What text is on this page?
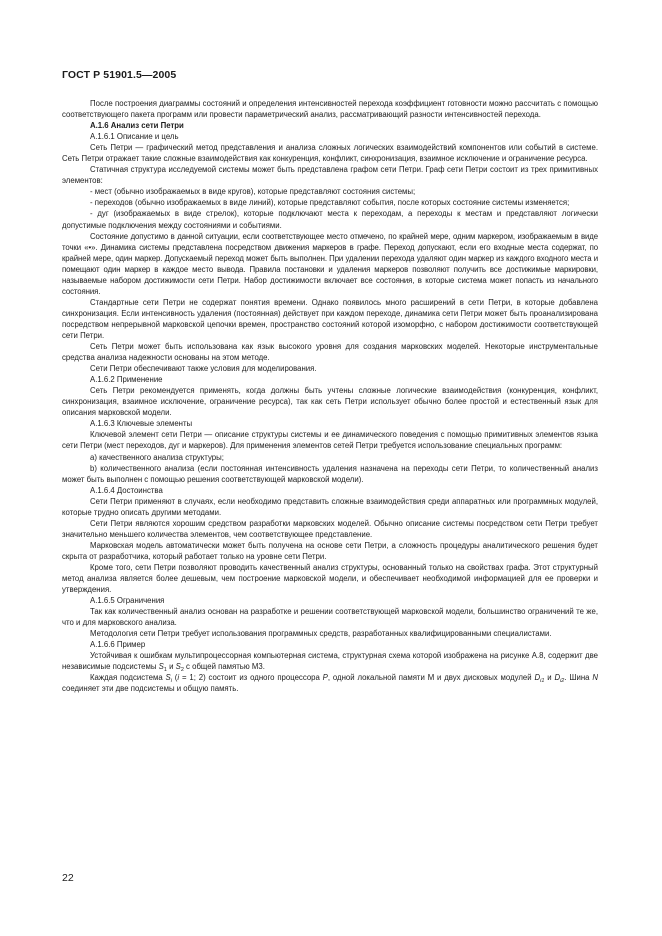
ГОСТ Р 51901.5—2005

После построения диаграммы состояний и определения интенсивностей перехода коэффициент готовности можно рассчитать с помощью соответствующего пакета программ или провести параметрический анализ, рассматривающий разности интенсивностей перехода.

А.1.6 Анализ сети Петри

А.1.6.1 Описание и цель

Сеть Петри — графический метод представления и анализа сложных логических взаимодействий компонентов или событий в системе. Сеть Петри отражает такие сложные взаимодействия как конкуренция, конфликт, синхронизация, взаимное исключение и ограничение ресурса.

Статичная структура исследуемой системы может быть представлена графом сети Петри. Граф сети Петри состоит из трех примитивных элементов:

- мест (обычно изображаемых в виде кругов), которые представляют состояния системы;

- переходов (обычно изображаемых в виде линий), которые представляют события, после которых состояние системы изменяется;

- дуг (изображаемых в виде стрелок), которые подключают места к переходам, а переходы к местам и представляют логически допустимые подключения между состояниями и событиями.

Состояние допустимо в данной ситуации, если соответствующее место отмечено, по крайней мере, одним маркером, изображаемым в виде точки «•». Динамика системы представлена посредством движения маркеров в графе. Переход допускают, если его входные места содержат, по крайней мере, один маркер. Допускаемый переход может быть выполнен. При удалении перехода удаляют один маркер из каждого входного места и помещают один маркер в каждое место вывода. Правила постановки и удаления маркеров позволяют получить все достижимые маркировки, называемые набором достижимости сети Петри. Набор достижимости включает все состояния, в которые система может попасть из начального состояния.

Стандартные сети Петри не содержат понятия времени. Однако появилось много расширений в сети Петри, в которые добавлена синхронизация. Если интенсивность удаления (постоянная) действует при каждом переходе, динамика сети Петри может быть проанализирована посредством непрерывной марковской цепочки времен, пространство состояний которой изоморфно, с набором достижимости соответствующей сети Петри.

Сеть Петри может быть использована как язык высокого уровня для создания марковских моделей. Некоторые инструментальные средства анализа надежности основаны на этом методе.

Сети Петри обеспечивают также условия для моделирования.

А.1.6.2 Применение

Сеть Петри рекомендуется применять, когда должны быть учтены сложные логические взаимодействия (конкуренция, конфликт, синхронизация, взаимное исключение, ограничение ресурса), так как сеть Петри использует обычно более простой и естественный язык для описания марковской модели.

А.1.6.3 Ключевые элементы

Ключевой элемент сети Петри — описание структуры системы и ее динамического поведения с помощью примитивных элементов языка сети Петри (мест переходов, дуг и маркеров). Для применения элементов сетей Петри требуется использование специальных программ:

а) качественного анализа структуры;

b) количественного анализа (если постоянная интенсивность удаления назначена на переходы сети Петри, то количественный анализ может быть выполнен с помощью решения соответствующей марковской модели).

А.1.6.4 Достоинства

Сети Петри применяют в случаях, если необходимо представить сложные взаимодействия среди аппаратных или программных модулей, которые трудно описать другими методами.

Сети Петри являются хорошим средством разработки марковских моделей. Обычно описание системы посредством сети Петри требует значительно меньшего количества элементов, чем соответствующее представление.

Марковская модель автоматически может быть получена на основе сети Петри, а сложность процедуры аналитического решения будет скрыта от разработчика, который работает только на уровне сети Петри.

Кроме того, сети Петри позволяют проводить качественный анализ структуры, основанный только на свойствах графа. Этот структурный метод анализа является более дешевым, чем построение марковской модели, и обеспечивает необходимой информацией для ее проверки и утверждения.

А.1.6.5 Ограничения

Так как количественный анализ основан на разработке и решении соответствующей марковской модели, большинство ограничений те же, что и для марковского анализа.

Методология сети Петри требует использования программных средств, разработанных квалифицированными специалистами.

А.1.6.6 Пример

Устойчивая к ошибкам мультипроцессорная компьютерная система, структурная схема которой изображена на рисунке А.8, содержит две независимые подсистемы $S_1$ и $S_2$ с общей памятью М3.

Каждая подсистема $S_i$ (i = 1; 2) состоит из одного процессора P, одной локальной памяти М и двух дисковых модулей $D_{i1}$ и $D_{i2}$. Шина N соединяет эти две подсистемы и общую память.

22
